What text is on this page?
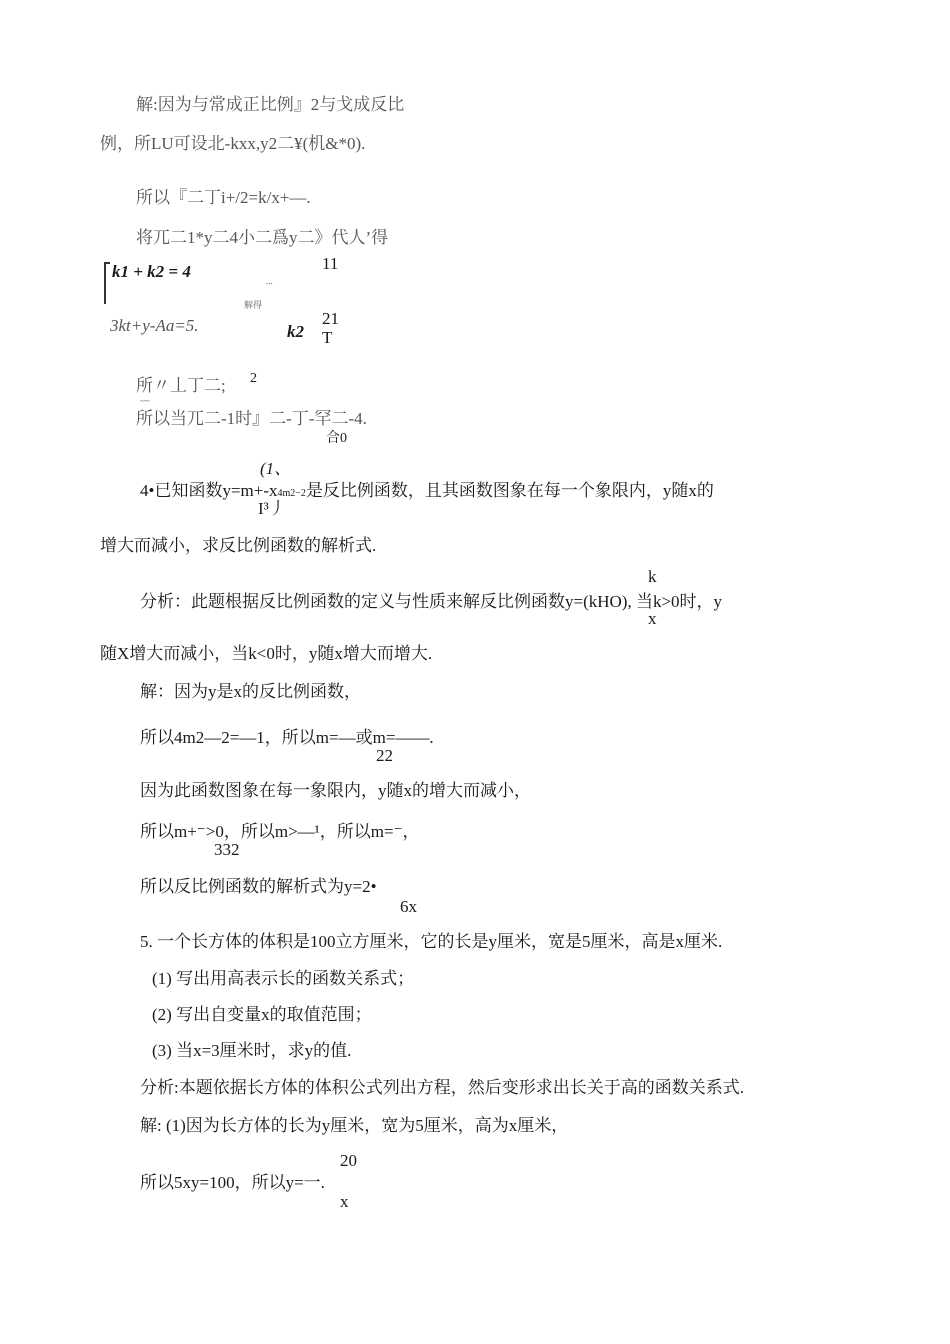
解:因为与常成正比例』2与戈成反比
例，所LU可设北-kxx,y2二¥(机&*0).
所以『二丁i+/2=k/x+—.
将兀二1*y二4小二爲y二》代人’得
k1 + k2 = 4	...
解得
3kt+y-Aa=5.	k2
11
21
T
2
所〃丄丁二;
~~
所以当兀二-1时』二-丁-罕二-4.
合0
(1、
4•已知函数y=m+-x4m2−2是反比例函数，且其函数图象在每一个象限内，y随x的
I³丿
增大而减小，求反比例函数的解析式.
k
分析：此题根据反比例函数的定义与性质来解反比例函数y=(kHO), 当k>0时，y
x
随X增大而减小，当k<0时，y随x增大而增大.
解：因为y是x的反比例函数，
所以4m2—2=—1，所以m=—或m=——.
22
因为此函数图象在每一象限内，y随x的增大而减小，
所以m+⁻>0，所以m>—¹，所以m=⁻，
332
所以反比例函数的解析式为y=2•
6x
5. 一个长方体的体积是100立方厘米，它的长是y厘米，宽是5厘米，高是x厘米.
(1) 写出用高表示长的函数关系式；
(2) 写出自变量x的取值范围；
(3) 当x=3厘米时，求y的值.
分析:本题依据长方体的体积公式列出方程，然后变形求出长关于高的函数关系式.
解: (1)因为长方体的长为y厘米，宽为5厘米，高为x厘米，
20
所以5xy=100，所以y=一.
x
